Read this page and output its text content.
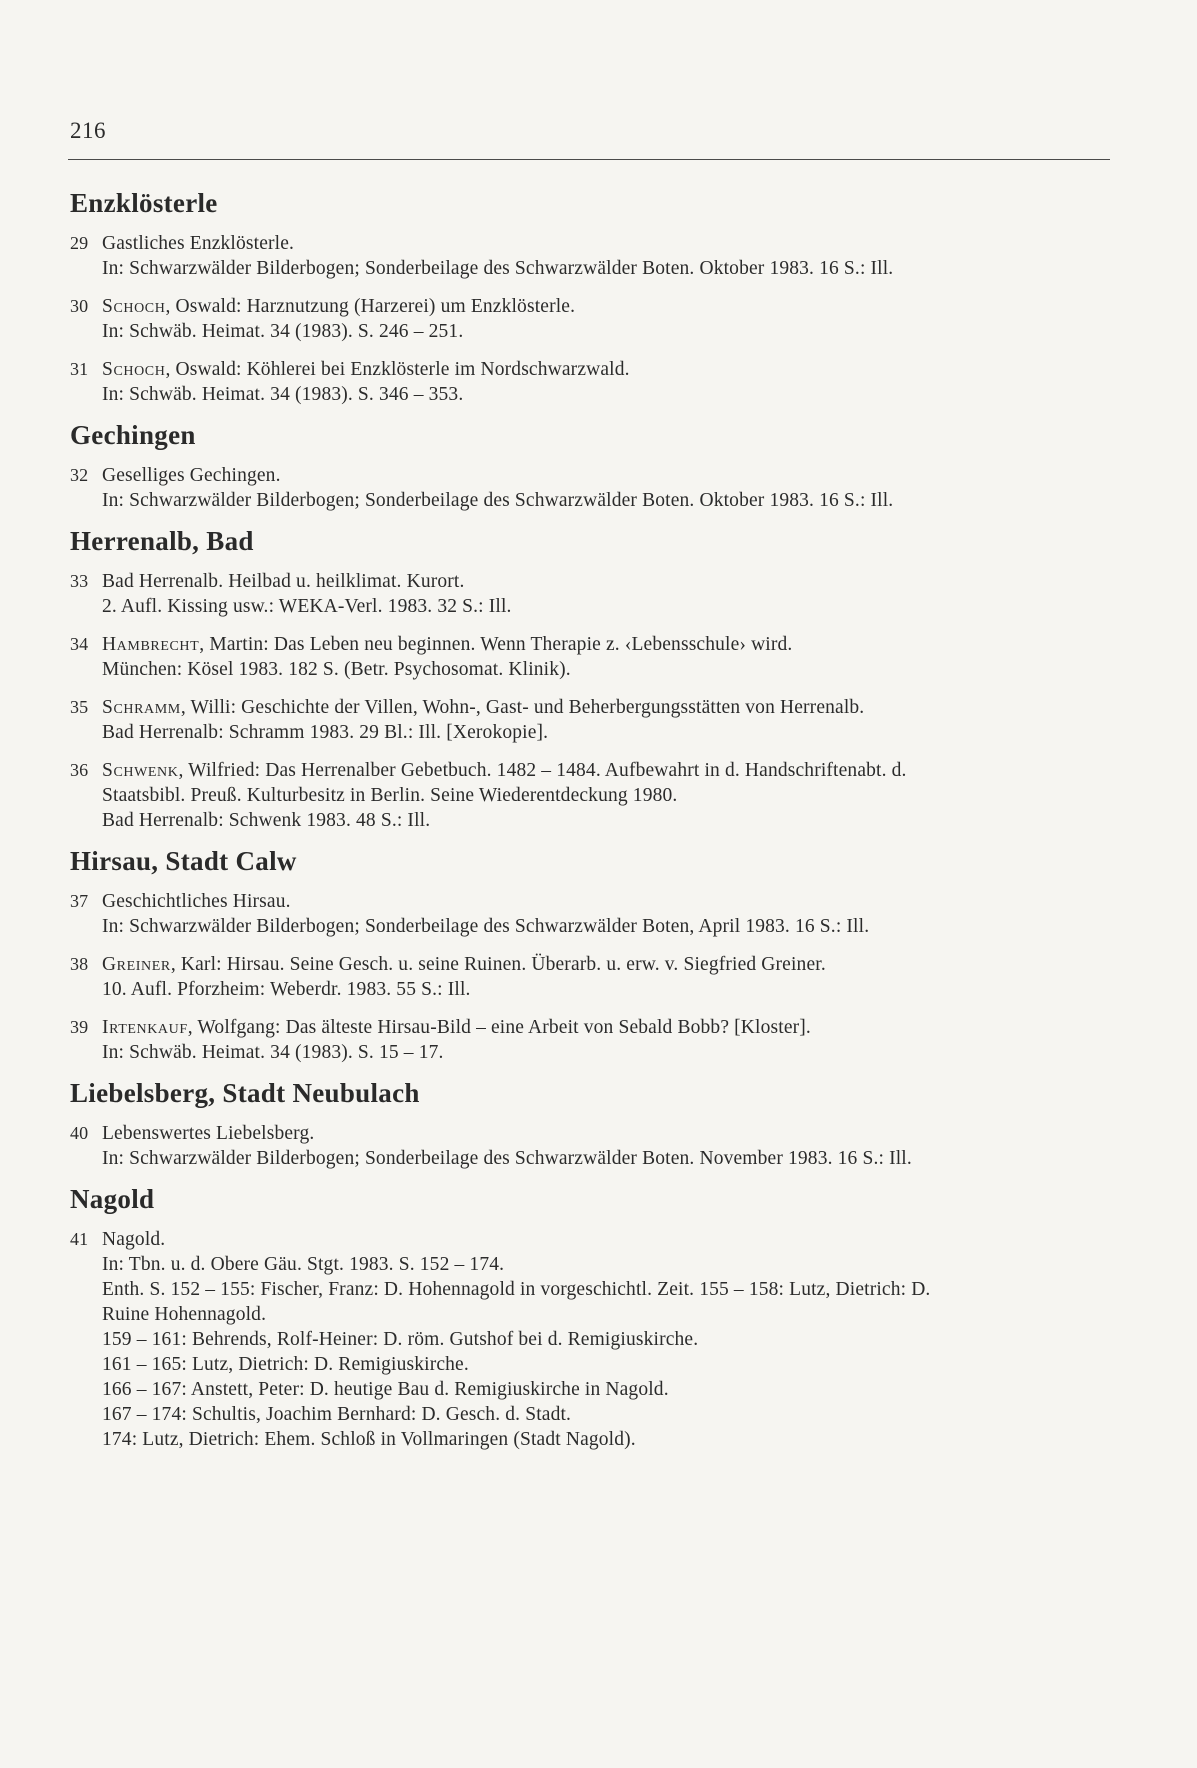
216
Enzklösterle
29 Gastliches Enzklösterle.
In: Schwarzwälder Bilderbogen; Sonderbeilage des Schwarzwälder Boten. Oktober 1983. 16 S.: Ill.
30 Schoch, Oswald: Harznutzung (Harzerei) um Enzklösterle.
In: Schwäb. Heimat. 34 (1983). S. 246 – 251.
31 Schoch, Oswald: Köhlerei bei Enzklösterle im Nordschwarzwald.
In: Schwäb. Heimat. 34 (1983). S. 346 – 353.
Gechingen
32 Geselliges Gechingen.
In: Schwarzwälder Bilderbogen; Sonderbeilage des Schwarzwälder Boten. Oktober 1983. 16 S.: Ill.
Herrenalb, Bad
33 Bad Herrenalb. Heilbad u. heilklimat. Kurort.
2. Aufl. Kissing usw.: WEKA-Verl. 1983. 32 S.: Ill.
34 Hambrecht, Martin: Das Leben neu beginnen. Wenn Therapie z. ‹Lebensschule› wird.
München: Kösel 1983. 182 S. (Betr. Psychosomat. Klinik).
35 Schramm, Willi: Geschichte der Villen, Wohn-, Gast- und Beherbergungsstätten von Herrenalb.
Bad Herrenalb: Schramm 1983. 29 Bl.: Ill. [Xerokopie].
36 Schwenk, Wilfried: Das Herrenalber Gebetbuch. 1482 – 1484. Aufbewahrt in d. Handschriftenabt. d.
Staatsbibl. Preuß. Kulturbesitz in Berlin. Seine Wiederentdeckung 1980.
Bad Herrenalb: Schwenk 1983. 48 S.: Ill.
Hirsau, Stadt Calw
37 Geschichtliches Hirsau.
In: Schwarzwälder Bilderbogen; Sonderbeilage des Schwarzwälder Boten, April 1983. 16 S.: Ill.
38 Greiner, Karl: Hirsau. Seine Gesch. u. seine Ruinen. Überarb. u. erw. v. Siegfried Greiner.
10. Aufl. Pforzheim: Weberdr. 1983. 55 S.: Ill.
39 Irtenkauf, Wolfgang: Das älteste Hirsau-Bild – eine Arbeit von Sebald Bobb? [Kloster].
In: Schwäb. Heimat. 34 (1983). S. 15 – 17.
Liebelsberg, Stadt Neubulach
40 Lebenswertes Liebelsberg.
In: Schwarzwälder Bilderbogen; Sonderbeilage des Schwarzwälder Boten. November 1983. 16 S.: Ill.
Nagold
41 Nagold.
In: Tbn. u. d. Obere Gäu. Stgt. 1983. S. 152 – 174.
Enth. S. 152 – 155: Fischer, Franz: D. Hohennagold in vorgeschichtl. Zeit. 155 – 158: Lutz, Dietrich: D.
Ruine Hohennagold.
159 – 161: Behrends, Rolf-Heiner: D. röm. Gutshof bei d. Remigiuskirche.
161 – 165: Lutz, Dietrich: D. Remigiuskirche.
166 – 167: Anstett, Peter: D. heutige Bau d. Remigiuskirche in Nagold.
167 – 174: Schultis, Joachim Bernhard: D. Gesch. d. Stadt.
174: Lutz, Dietrich: Ehem. Schloß in Vollmaringen (Stadt Nagold).
